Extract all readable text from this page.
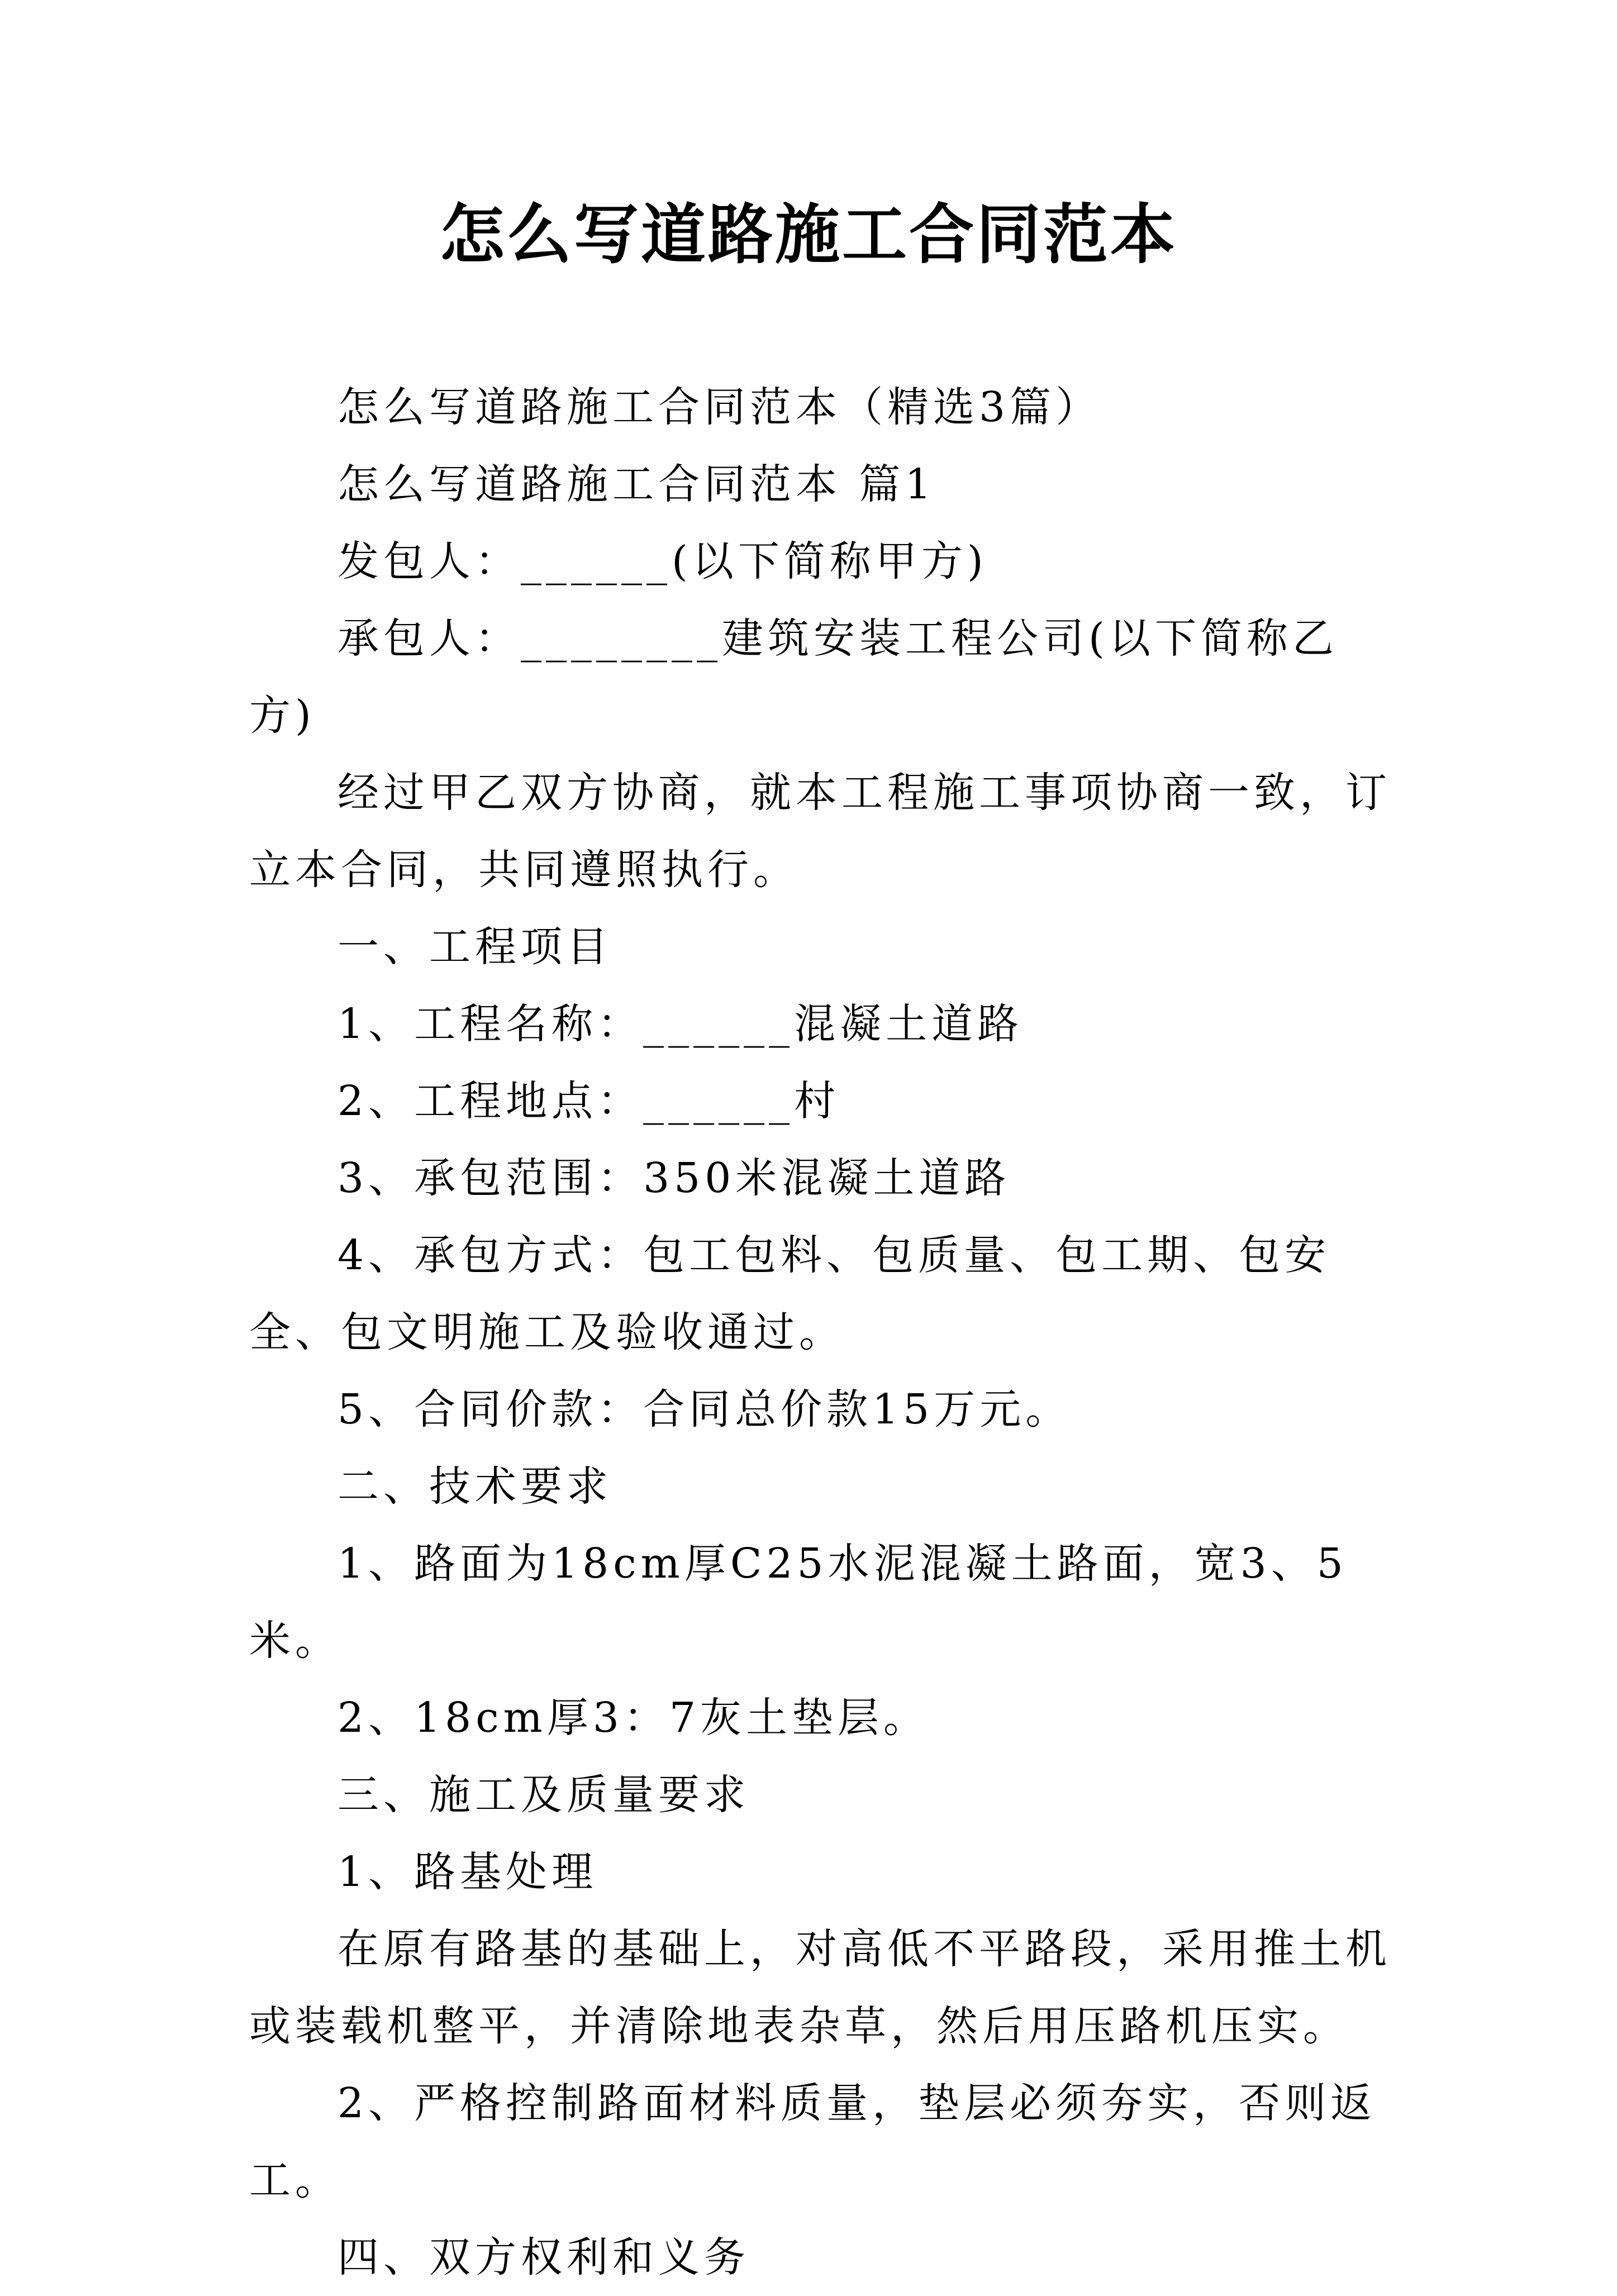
怎么写道路施工合同范本

怎么写道路施工合同范本（精选3篇）

怎么写道路施工合同范本 篇1

发包人：______(以下简称甲方)

承包人：________建筑安装工程公司(以下简称乙方)

经过甲乙双方协商，就本工程施工事项协商一致，订立本合同，共同遵照执行。

一、工程项目

1、工程名称：______混凝土道路

2、工程地点：______村

3、承包范围：350米混凝土道路

4、承包方式：包工包料、包质量、包工期、包安全、包文明施工及验收通过。

5、合同价款：合同总价款15万元。

二、技术要求

1、路面为18cm厚C25水泥混凝土路面，宽3、5米。

2、18cm厚3：7灰土垫层。

三、施工及质量要求

1、路基处理

在原有路基的基础上，对高低不平路段，采用推土机或装载机整平，并清除地表杂草，然后用压路机压实。

2、严格控制路面材料质量，垫层必须夯实，否则返工。

四、双方权利和义务
